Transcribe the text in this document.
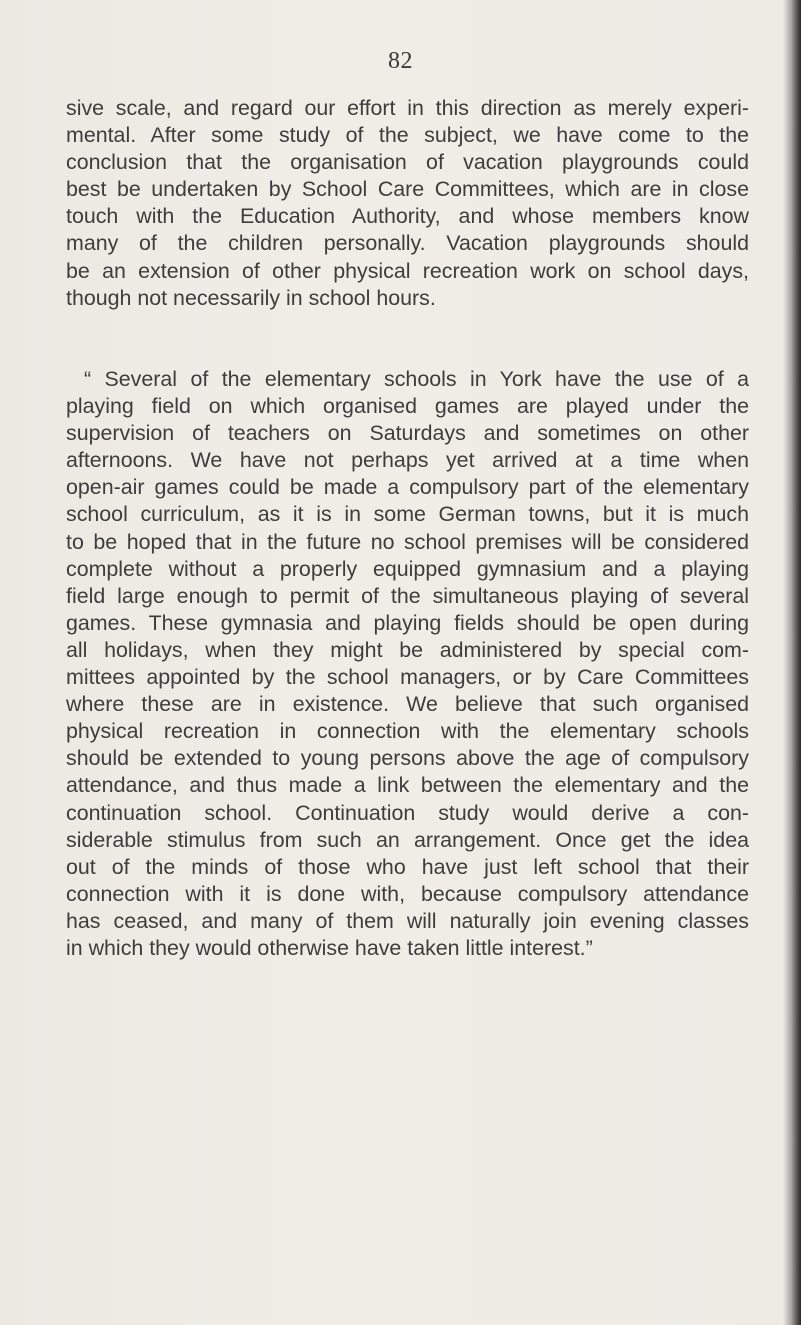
82
sive scale, and regard our effort in this direction as merely experi-
mental. After some study of the subject, we have come to the
conclusion that the organisation of vacation playgrounds could
best be undertaken by School Care Committees, which are in close
touch with the Education Authority, and whose members know
many of the children personally. Vacation playgrounds should
be an extension of other physical recreation work on school days,
though not necessarily in school hours.
“ Several of the elementary schools in York have the use of a
playing field on which organised games are played under the
supervision of teachers on Saturdays and sometimes on other
afternoons. We have not perhaps yet arrived at a time when
open-air games could be made a compulsory part of the elementary
school curriculum, as it is in some German towns, but it is much
to be hoped that in the future no school premises will be considered
complete without a properly equipped gymnasium and a playing
field large enough to permit of the simultaneous playing of several
games. These gymnasia and playing fields should be open during
all holidays, when they might be administered by special com-
mittees appointed by the school managers, or by Care Committees
where these are in existence. We believe that such organised
physical recreation in connection with the elementary schools
should be extended to young persons above the age of compulsory
attendance, and thus made a link between the elementary and the
continuation school. Continuation study would derive a con-
siderable stimulus from such an arrangement. Once get the idea
out of the minds of those who have just left school that their
connection with it is done with, because compulsory attendance
has ceased, and many of them will naturally join evening classes
in which they would otherwise have taken little interest.”
